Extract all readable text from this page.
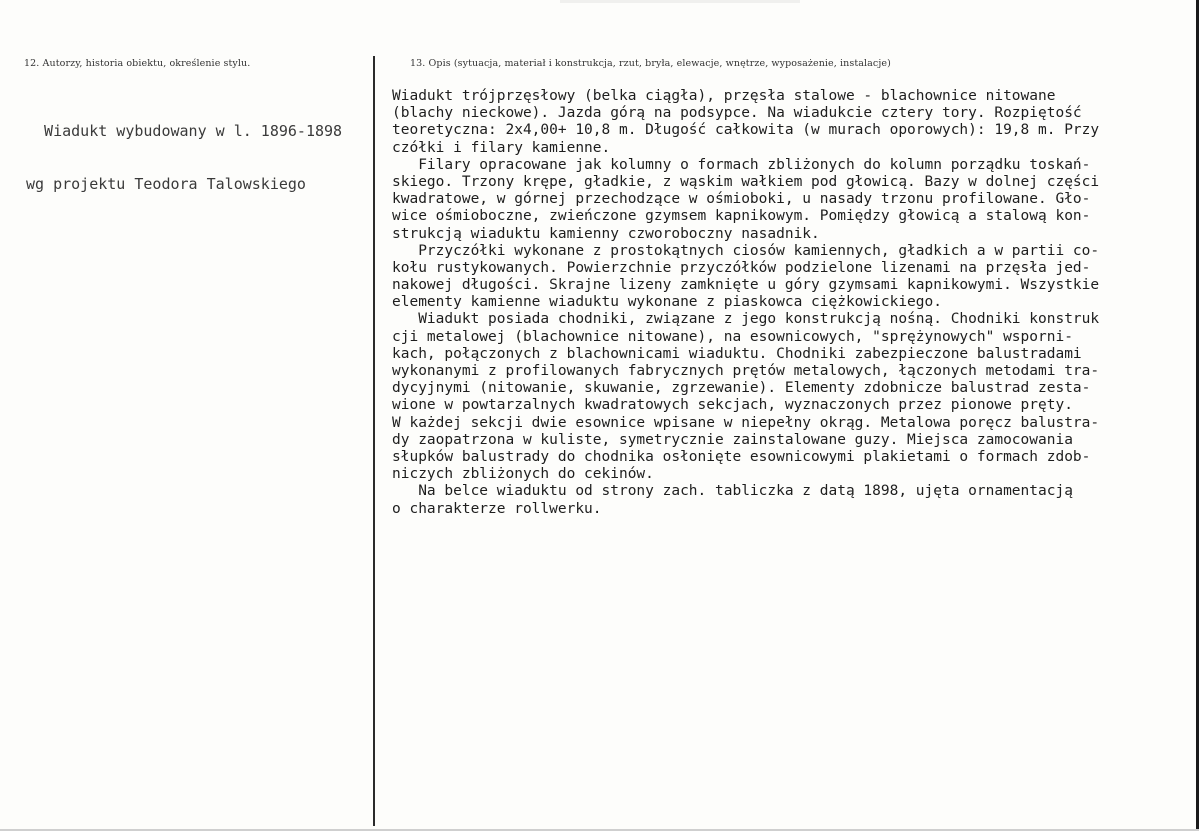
12. Autorzy, historia obiektu, określenie stylu.	13. Opis (sytuacja, materiał i konstrukcja, rzut, bryła, elewacje, wnętrze, wyposażenie, instalacje)

Wiadukt wybudowany w l. 1896-1898

wg projektu Teodora Talowskiego

Wiadukt trójprzęsłowy (belka ciągła), przęsła stalowe - blachownice nitowane
(blachy nieckowe). Jazda górą na podsypce. Na wiadukcie cztery tory. Rozpiętość
teoretyczna: 2x4,00+ 10,8 m. Długość całkowita (w murach oporowych): 19,8 m. Przy
czółki i filary kamienne.
Filary opracowane jak kolumny o formach zbliżonych do kolumn porządku toskań-
skiego. Trzony krępe, gładkie, z wąskim wałkiem pod głowicą. Bazy w dolnej części
kwadratowe, w górnej przechodzące w ośmioboki, u nasady trzonu profilowane. Gło-
wice ośmioboczne, zwieńczone gzymsem kapnikowym. Pomiędzy głowicą a stalową kon-
strukcją wiaduktu kamienny czworoboczny nasadnik.
Przyczółki wykonane z prostokątnych ciosów kamiennych, gładkich a w partii co-
kołu rustykowanych. Powierzchnie przyczółków podzielone lizenami na przęsła jed-
nakowej długości. Skrajne lizeny zamknięte u góry gzymsami kapnikowymi. Wszystkie
elementy kamienne wiaduktu wykonane z piaskowca ciężkowickiego.
Wiadukt posiada chodniki, związane z jego konstrukcją nośną. Chodniki konstruk
cji metalowej (blachownice nitowane), na esownicowych, "sprężynowych" wsporni-
kach, połączonych z blachownicami wiaduktu. Chodniki zabezpieczone balustradami
wykonanymi z profilowanych fabrycznych prętów metalowych, łączonych metodami tra-
dycyjnymi (nitowanie, skuwanie, zgrzewanie). Elementy zdobnicze balustrad zesta-
wione w powtarzalnych kwadratowych sekcjach, wyznaczonych przez pionowe pręty.
W każdej sekcji dwie esownice wpisane w niepełny okrąg. Metalowa poręcz balustra-
dy zaopatrzona w kuliste, symetrycznie zainstalowane guzy. Miejsca zamocowania
słupków balustrady do chodnika osłonięte esownicowymi plakietami o formach zdob-
niczych zbliżonych do cekinów.
Na belce wiaduktu od strony zach. tabliczka z datą 1898, ujęta ornamentacją
o charakterze rollwerku.
